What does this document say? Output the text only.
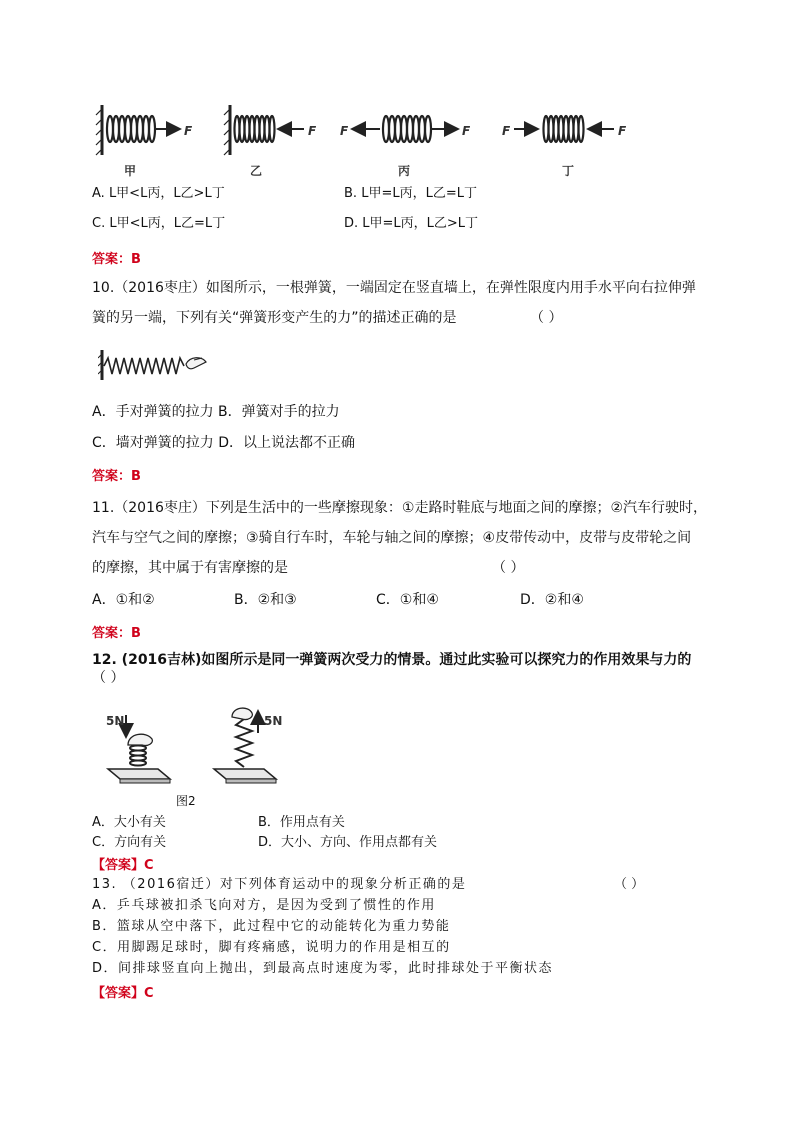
F
甲
F
乙
F	F
丙
F	F
丁
A. L甲<L丙，L乙>L丁	B. L甲=L丙，L乙=L丁
C. L甲<L丙，L乙=L丁	D. L甲=L丙，L乙>L丁
答案：B
10.（2016枣庄）如图所示，一根弹簧，一端固定在竖直墙上，在弹性限度内用手水平向右拉伸弹
簧的另一端，下列有关“弹簧形变产生的力”的描述正确的是	（ ）
A．手对弹簧的拉力 B．弹簧对手的拉力
C．墙对弹簧的拉力 D．以上说法都不正确
答案：B
11.（2016枣庄）下列是生活中的一些摩擦现象：①走路时鞋底与地面之间的摩擦；②汽车行驶时，
汽车与空气之间的摩擦；③骑自行车时，车轮与轴之间的摩擦；④皮带传动中，皮带与皮带轮之间
的摩擦，其中属于有害摩擦的是	（ ）
A．①和②	B．②和③	C．①和④	D．②和④
答案：B
12. (2016吉林)如图所示是同一弹簧两次受力的情景。通过此实验可以探究力的作用效果与力的
（ ）
5N	5N
图2
A．大小有关	B．作用点有关
C．方向有关	D．大小、方向、作用点都有关
【答案】C
13. （2016宿迁）对下列体育运动中的现象分析正确的是	（ ）
A．乒乓球被扣杀飞向对方，是因为受到了惯性的作用
B．篮球从空中落下，此过程中它的动能转化为重力势能
C．用脚踢足球时，脚有疼痛感，说明力的作用是相互的
D．间排球竖直向上抛出，到最高点时速度为零，此时排球处于平衡状态
【答案】C
